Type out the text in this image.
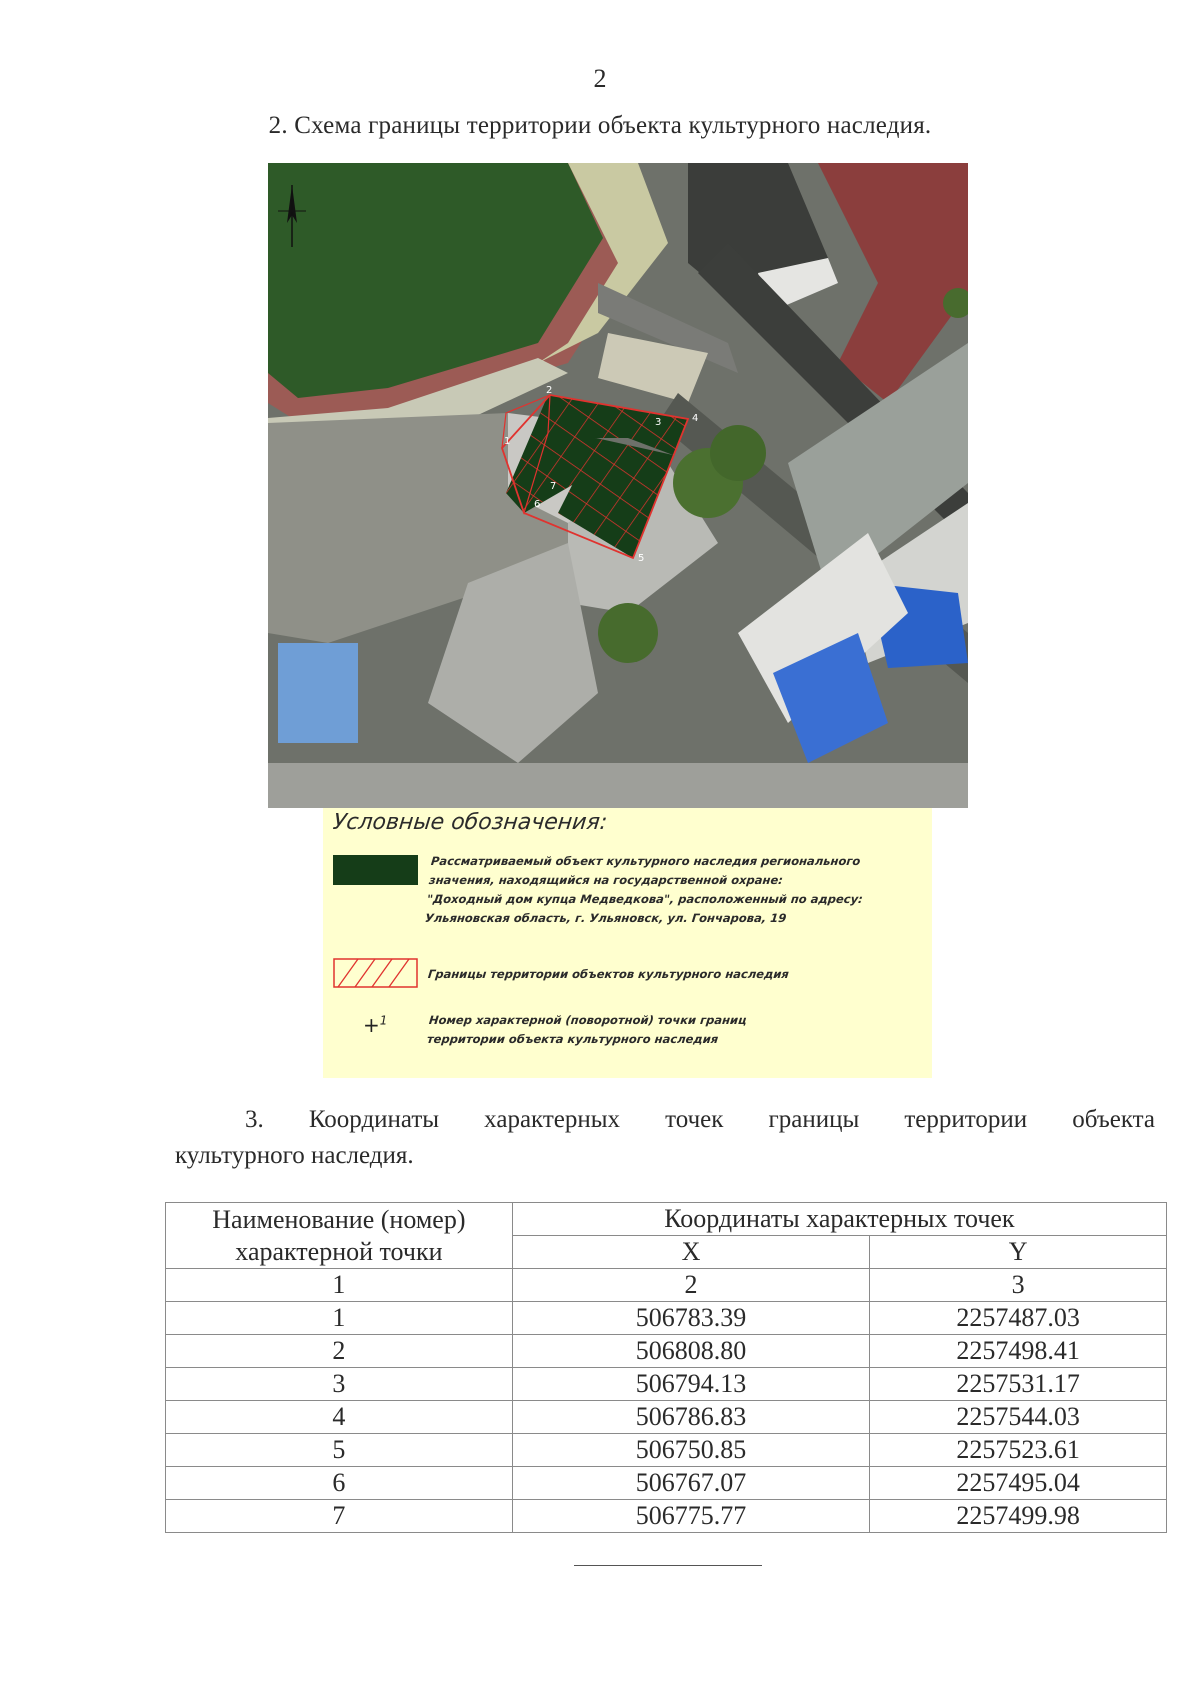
2
2. Схема границы территории объекта культурного наследия.
1
2
3	4
5
6
7
Условные обозначения:
Рассматриваемый объект культурного наследия регионального
значения, находящийся на государственной охране:
"Доходный дом купца Медведкова", расположенный по адресу:
Ульяновская область, г. Ульяновск, ул. Гончарова, 19
Границы территории объектов культурного наследия
+$^1$	Номер характерной (поворотной) точки границ
территории объекта культурного наследия
3. Координаты характерных точек границы территории объекта
культурного наследия.
Наименование (номер) характерной точки	Координаты характерных точек	
	X	Y
1	2	3
1	506783.39	2257487.03
2	506808.80	2257498.41
3	506794.13	2257531.17
4	506786.83	2257544.03
5	506750.85	2257523.61
6	506767.07	2257495.04
7	506775.77	2257499.98
